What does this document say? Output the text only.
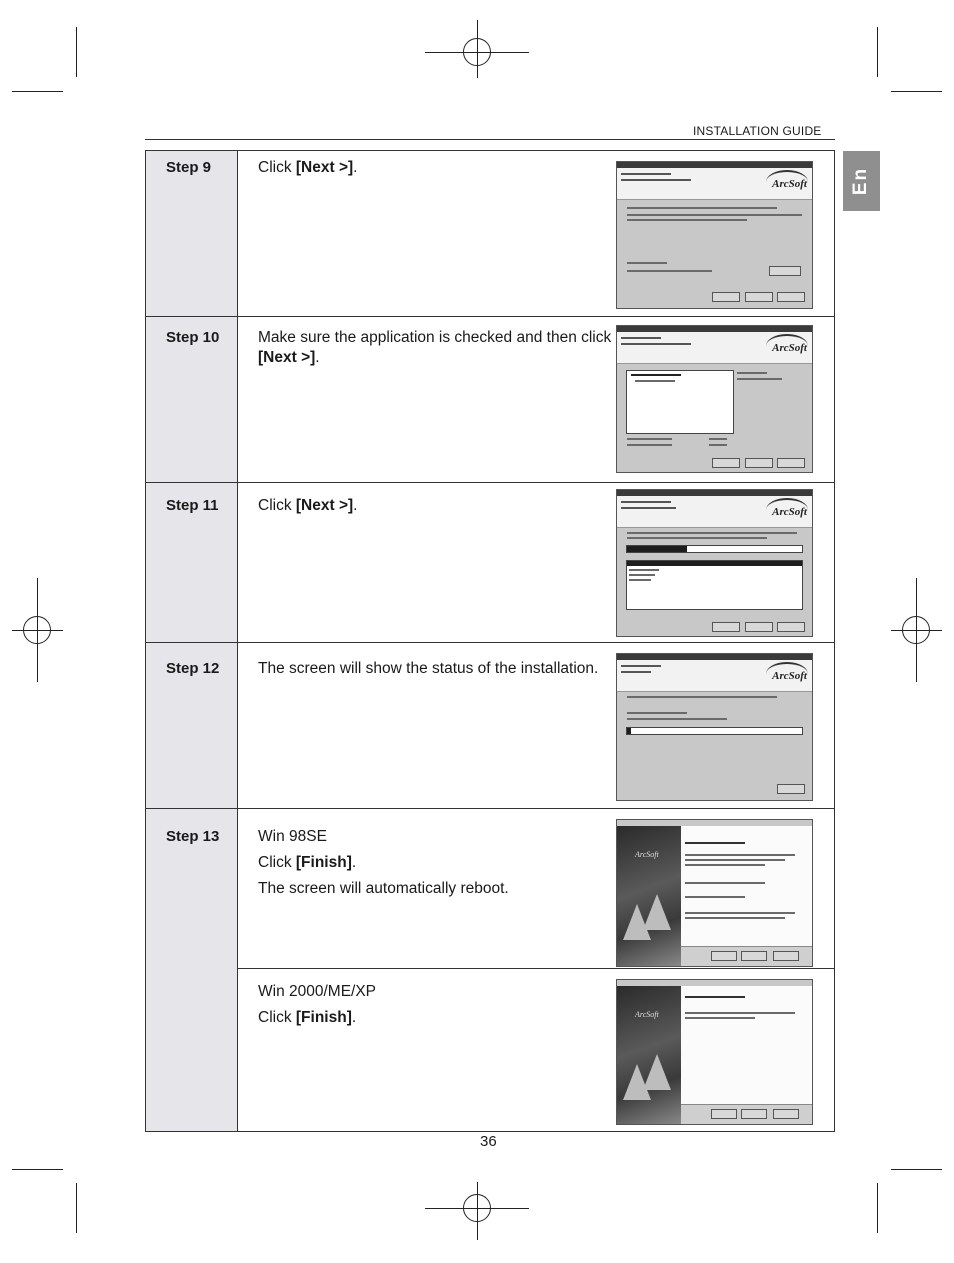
INSTALLATION GUIDE
En
Step 9	Click [Next >].

ArcSoft
Step 10 Make sure the application is checked and then click [Next >].

ArcSoft
Step 11	Click [Next >].	ArcSoft
Step 12 The screen will show the status of the installation.	ArcSoft
Step 13 Win 98SE

Click [Finish].

The screen will automatically reboot.

ArcSoft

Win 2000/ME/XP

Click [Finish].	ArcSoft
36
